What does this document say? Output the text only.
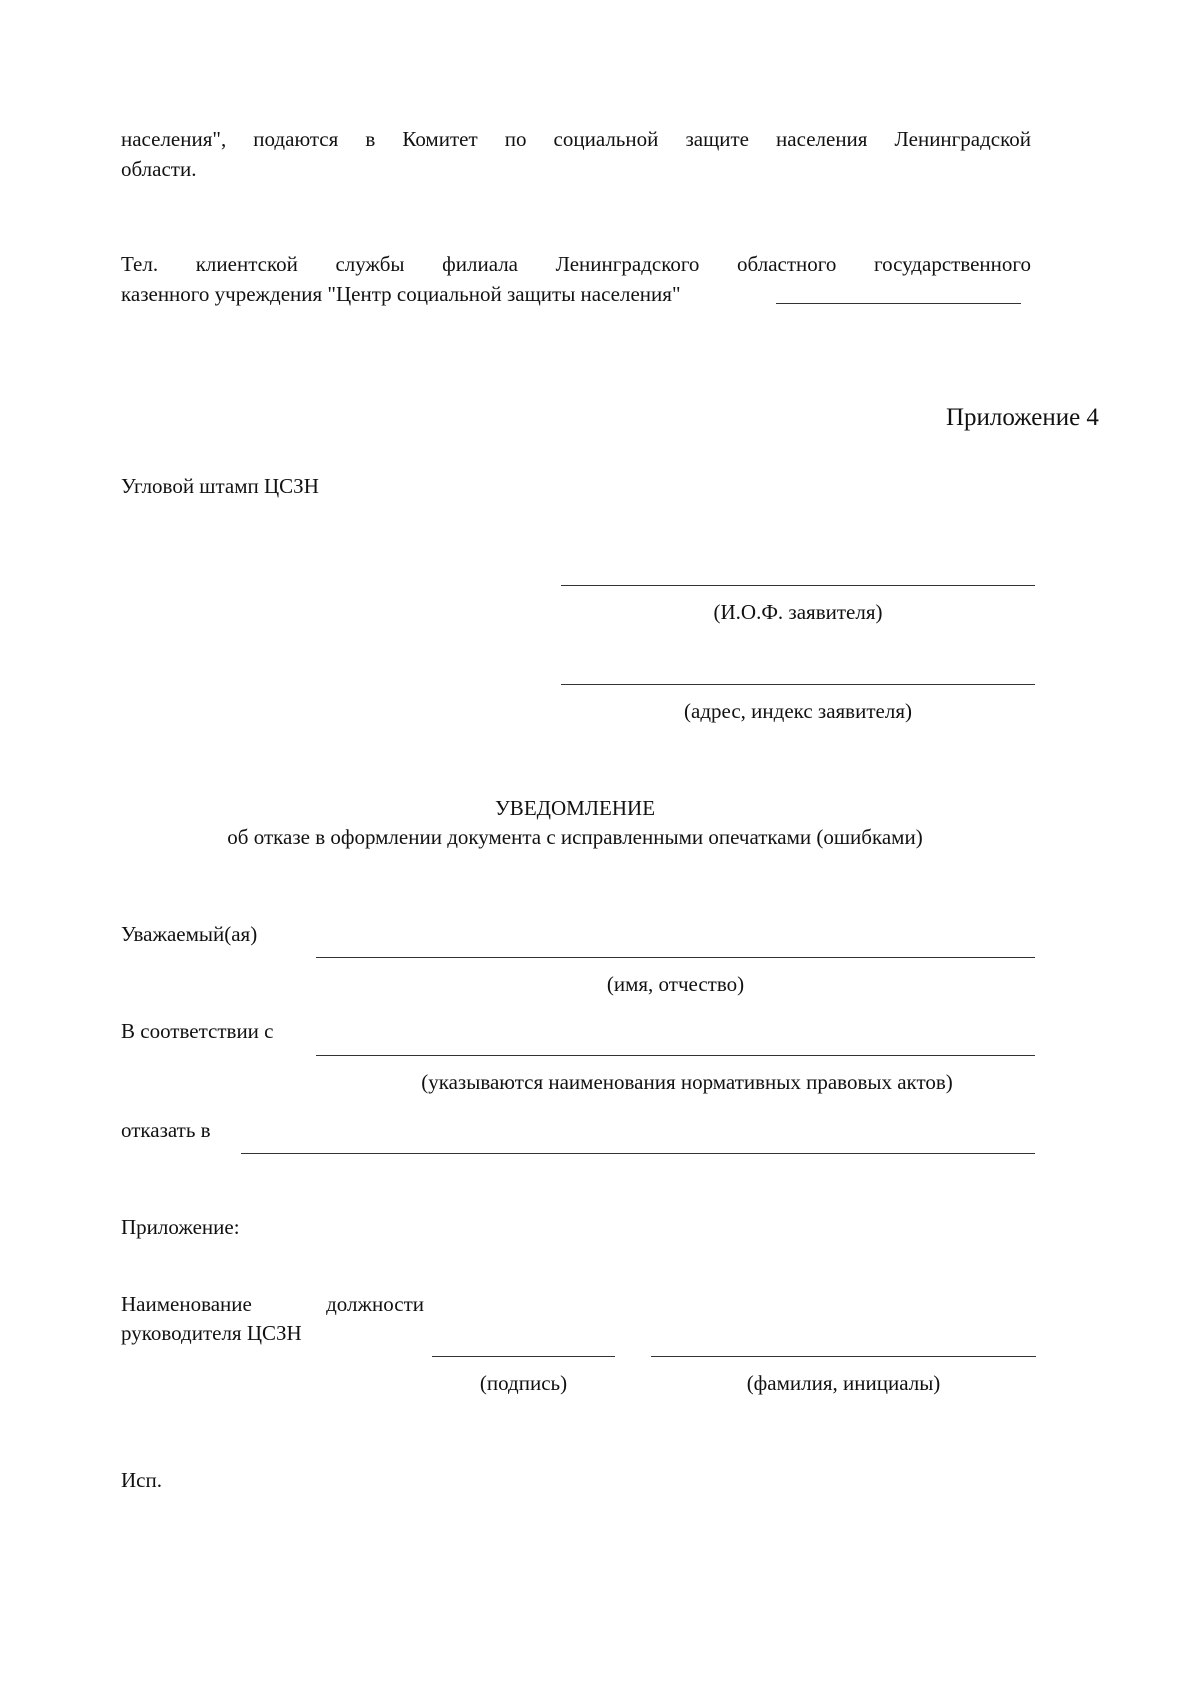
населения", подаются в Комитет по социальной защите населения Ленинградской
области.
Тел. клиентской службы филиала Ленинградского областного государственного
казенного учреждения "Центр социальной защиты населения"
Приложение 4
Угловой штамп ЦСЗН
(И.О.Ф. заявителя)
(адрес, индекс заявителя)
УВЕДОМЛЕНИЕ
об отказе в оформлении документа с исправленными опечатками (ошибками)
Уважаемый(ая)
(имя, отчество)
В соответствии с
(указываются наименования нормативных правовых актов)
отказать в
Приложение:
Наименование должности
руководителя ЦСЗН
(подпись)	(фамилия, инициалы)
Исп.
